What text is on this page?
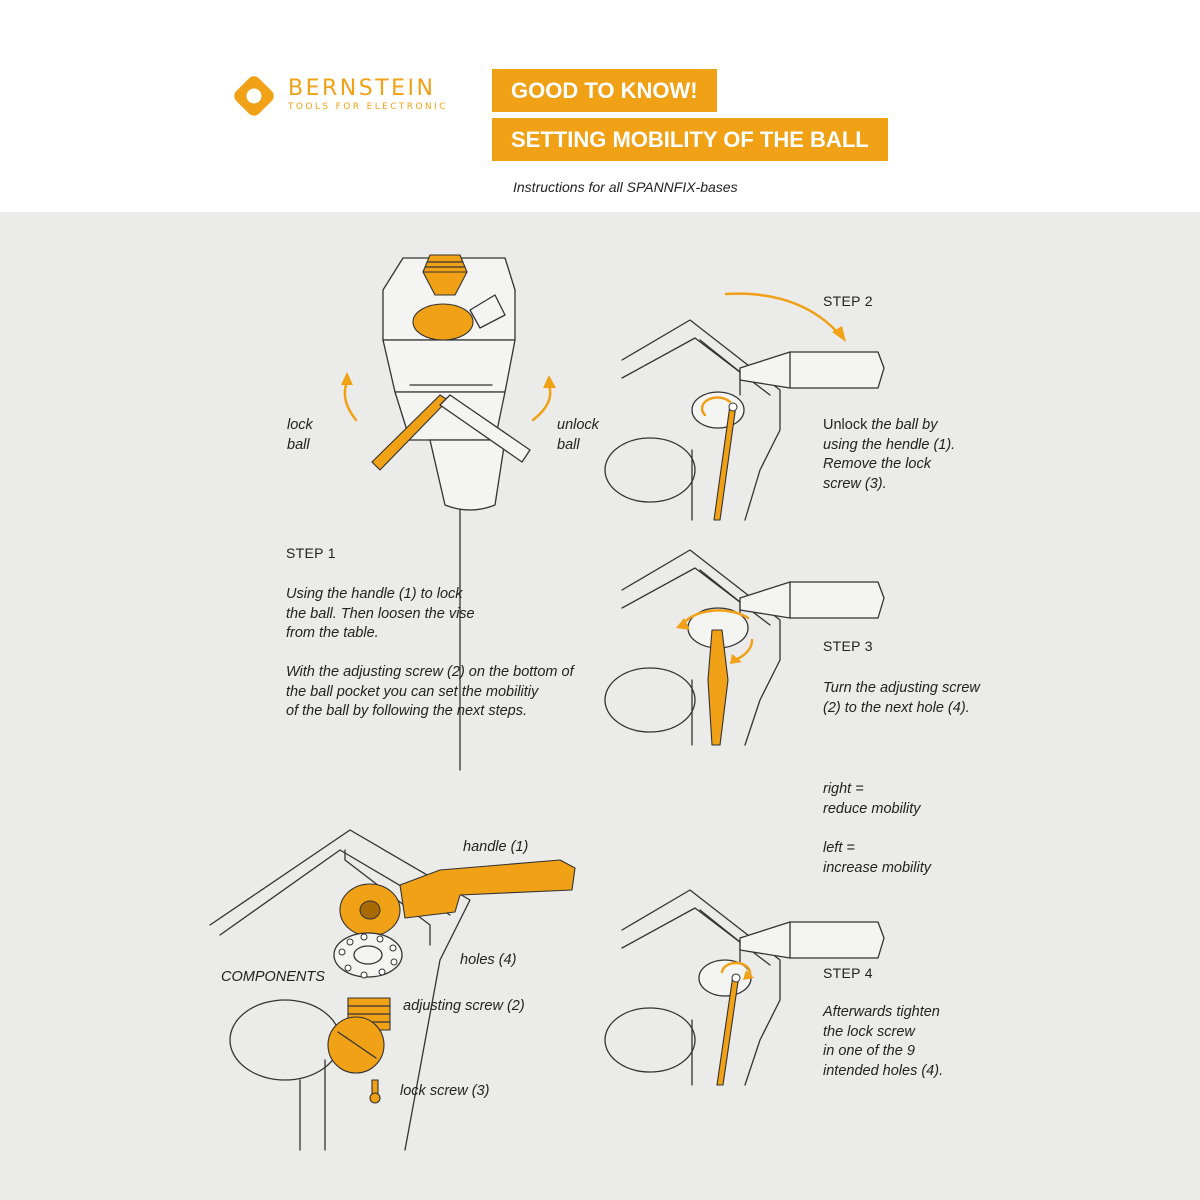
BERNSTEIN
TOOLS FOR ELECTRONIC
GOOD TO KNOW!
SETTING MOBILITY OF THE BALL
Instructions for all SPANNFIX-bases
lock
ball
unlock
ball
STEP 1
Using the handle (1) to lock
the ball. Then loosen the vise
from the table.
With the adjusting screw (2) on the bottom of
the ball pocket you can set the mobilitiy
of the ball by following the next steps.
STEP 2
Unlock the ball by
using the hendle (1).
Remove the lock
screw (3).
STEP 3
Turn the adjusting screw
(2) to the next hole (4).
right =
reduce mobility
left =
increase mobility
STEP 4
Afterwards tighten
the lock screw
in one of the 9
intended holes (4).
COMPONENTS
handle (1)
holes (4)
adjusting screw (2)
lock screw (3)
